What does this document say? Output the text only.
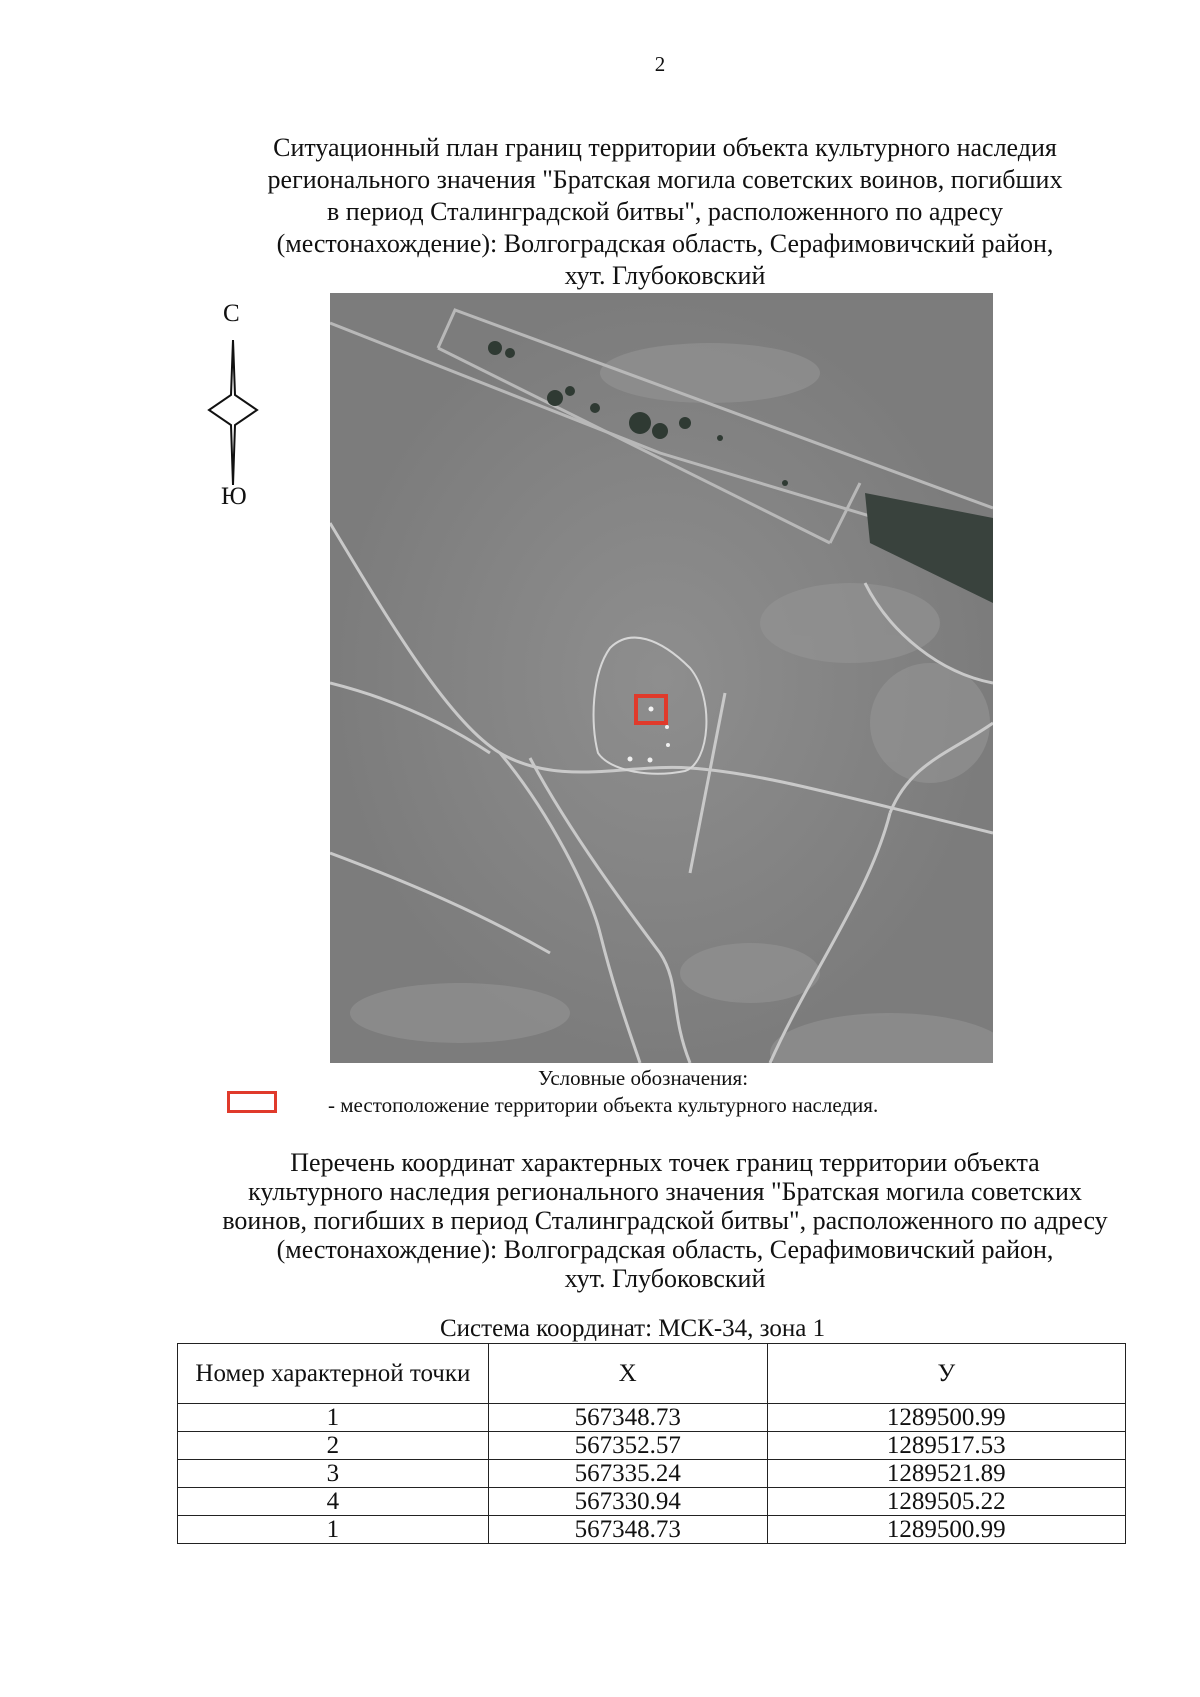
2
Ситуационный план границ территории объекта культурного наследия
регионального значения "Братская могила советских воинов, погибших
в период Сталинградской битвы", расположенного по адресу
(местонахождение): Волгоградская область, Серафимовичский район,
хут. Глубоковский
С
Ю
Условные обозначения:
- местоположение территории объекта культурного наследия.
Перечень координат характерных точек границ территории объекта
культурного наследия регионального значения "Братская могила советских
воинов, погибших в период Сталинградской битвы", расположенного по адресу
(местонахождение): Волгоградская область, Серафимовичский район,
хут. Глубоковский
Система координат: МСК-34, зона 1
Номер характерной точки	X	У
1	567348.73	1289500.99
2	567352.57	1289517.53
3	567335.24	1289521.89
4	567330.94	1289505.22
1	567348.73	1289500.99
